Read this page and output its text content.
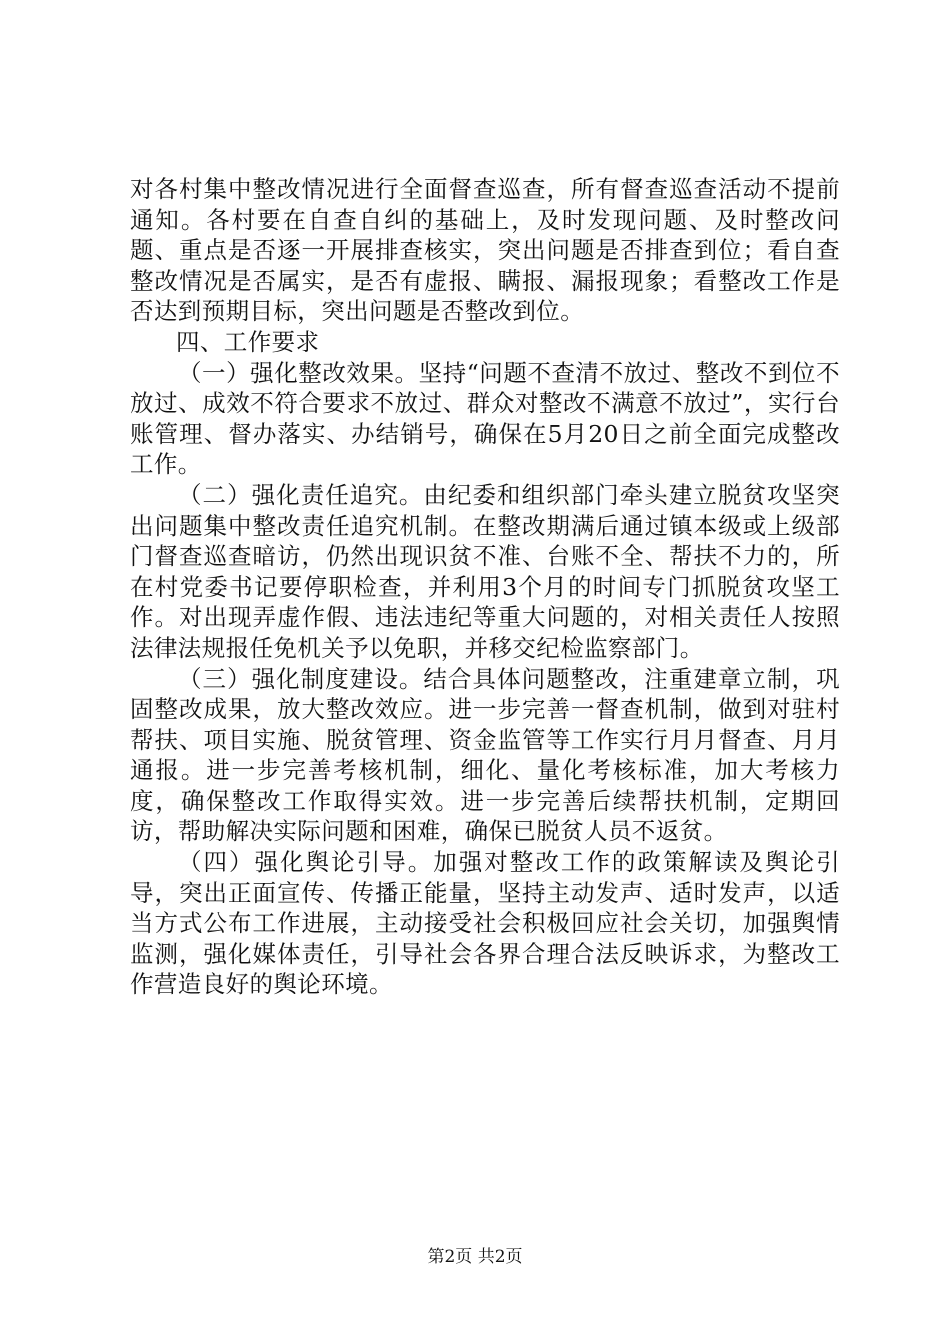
对各村集中整改情况进行全面督查巡查，所有督查巡查活动不提前通知。各村要在自查自纠的基础上，及时发现问题、及时整改问题、重点是否逐一开展排查核实，突出问题是否排查到位；看自查整改情况是否属实，是否有虚报、瞒报、漏报现象；看整改工作是否达到预期目标，突出问题是否整改到位。

四、工作要求

（一）强化整改效果。坚持“问题不查清不放过、整改不到位不放过、成效不符合要求不放过、群众对整改不满意不放过”，实行台账管理、督办落实、办结销号，确保在5月20日之前全面完成整改工作。

（二）强化责任追究。由纪委和组织部门牵头建立脱贫攻坚突出问题集中整改责任追究机制。在整改期满后通过镇本级或上级部门督查巡查暗访，仍然出现识贫不准、台账不全、帮扶不力的，所在村党委书记要停职检查，并利用3个月的时间专门抓脱贫攻坚工作。对出现弄虚作假、违法违纪等重大问题的，对相关责任人按照法律法规报任免机关予以免职，并移交纪检监察部门。

（三）强化制度建设。结合具体问题整改，注重建章立制，巩固整改成果，放大整改效应。进一步完善一督查机制，做到对驻村帮扶、项目实施、脱贫管理、资金监管等工作实行月月督查、月月通报。进一步完善考核机制，细化、量化考核标准，加大考核力度，确保整改工作取得实效。进一步完善后续帮扶机制，定期回访，帮助解决实际问题和困难，确保已脱贫人员不返贫。

（四）强化舆论引导。加强对整改工作的政策解读及舆论引导，突出正面宣传、传播正能量，坚持主动发声、适时发声，以适当方式公布工作进展，主动接受社会积极回应社会关切，加强舆情监测，强化媒体责任，引导社会各界合理合法反映诉求，为整改工作营造良好的舆论环境。

第2页 共2页
